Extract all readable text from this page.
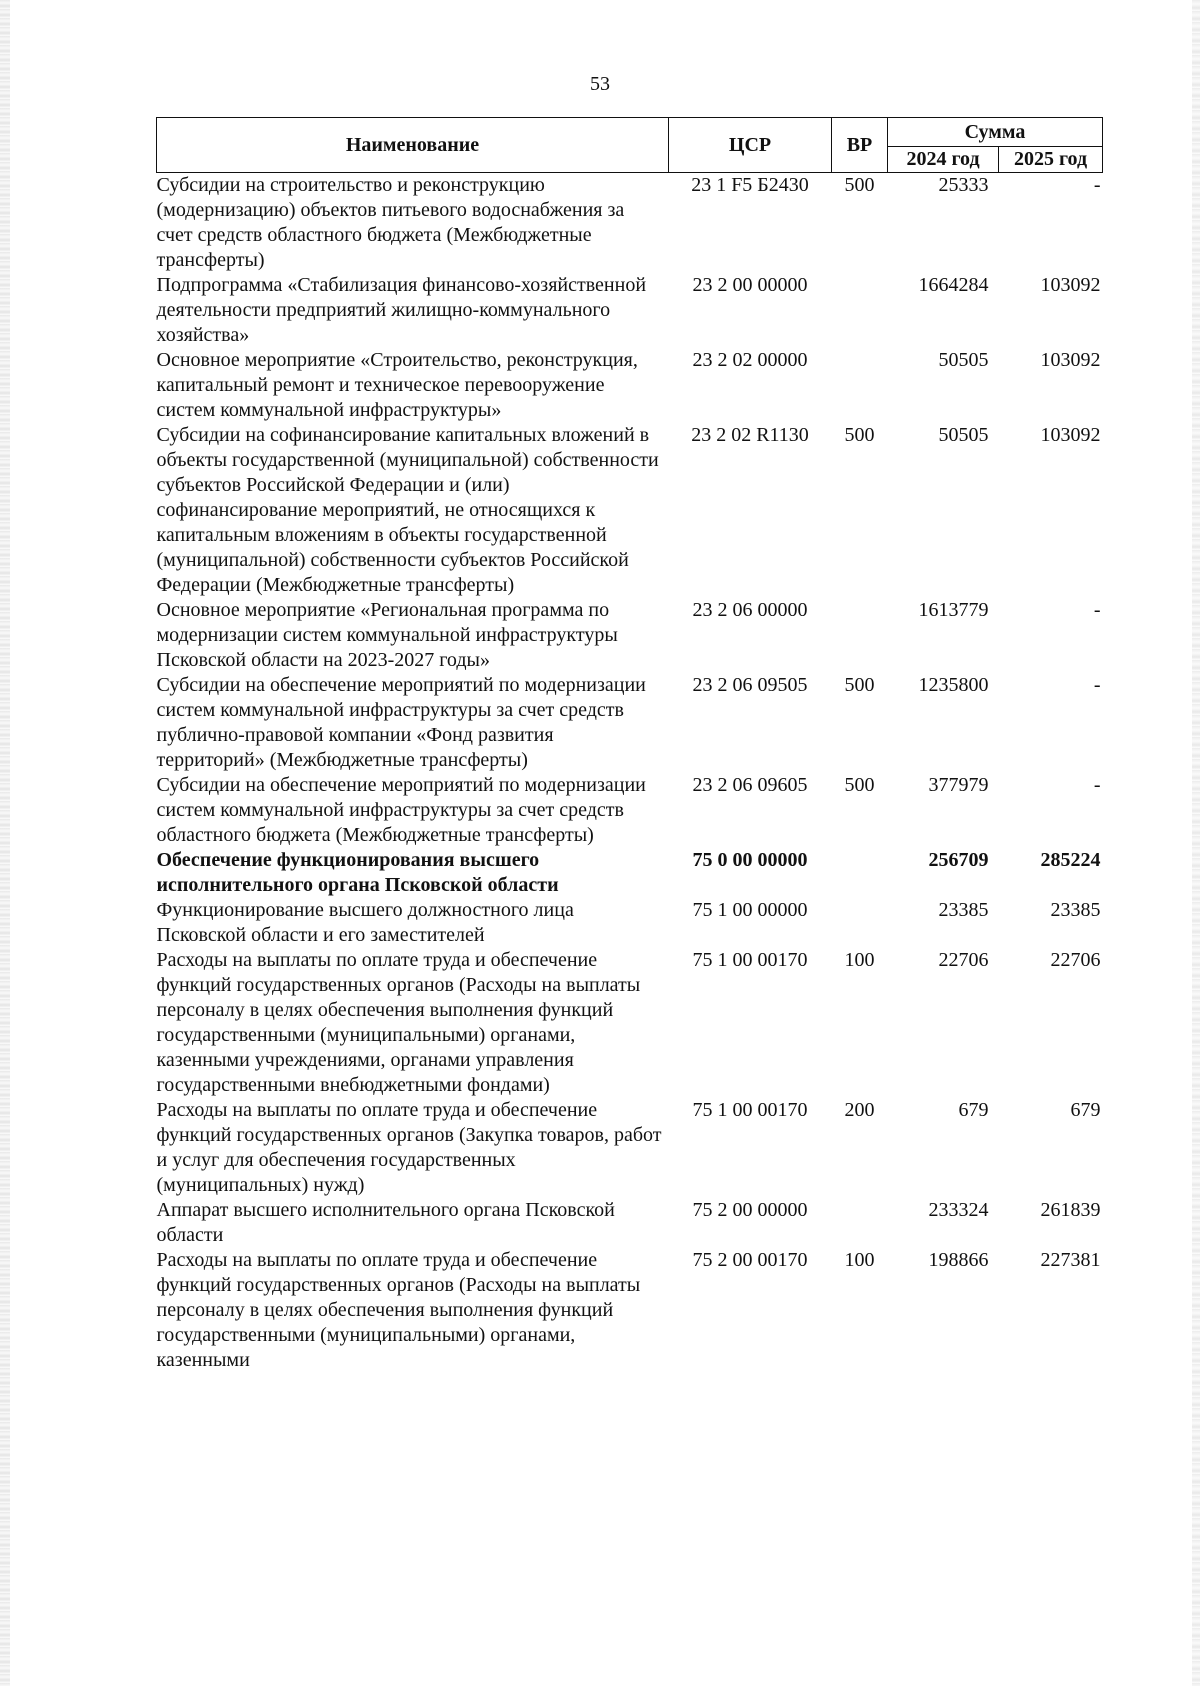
53
Наименование	ЦСР	ВР	Сумма	
			2024 год	2025 год
Субсидии на строительство и реконструкцию (модернизацию) объектов питьевого водоснабжения за счет средств областного бюджета (Межбюджетные трансферты)	23 1 F5 Б2430	500	25333	-
Подпрограмма «Стабилизация финансово-хозяйственной деятельности предприятий жилищно-коммунального хозяйства»	23 2 00 00000		1664284	103092
Основное мероприятие «Строительство, реконструкция, капитальный ремонт и техническое перевооружение систем коммунальной инфраструктуры»	23 2 02 00000		50505	103092
Субсидии на софинансирование капитальных вложений в объекты государственной (муниципальной) собственности субъектов Российской Федерации и (или) софинансирование мероприятий, не относящихся к капитальным вложениям в объекты государственной (муниципальной) собственности субъектов Российской Федерации (Межбюджетные трансферты)	23 2 02 R1130	500	50505	103092
Основное мероприятие «Региональная программа по модернизации систем коммунальной инфраструктуры Псковской области на 2023-2027 годы»	23 2 06 00000		1613779	-
Субсидии на обеспечение мероприятий по модернизации систем коммунальной инфраструктуры за счет средств публично-правовой компании «Фонд развития территорий» (Межбюджетные трансферты)	23 2 06 09505	500	1235800	-
Субсидии на обеспечение мероприятий по модернизации систем коммунальной инфраструктуры за счет средств областного бюджета (Межбюджетные трансферты)	23 2 06 09605	500	377979	-
Обеспечение функционирования высшего исполнительного органа Псковской области	75 0 00 00000		256709	285224
Функционирование высшего должностного лица Псковской области и его заместителей	75 1 00 00000		23385	23385
Расходы на выплаты по оплате труда и обеспечение функций государственных органов (Расходы на выплаты персоналу в целях обеспечения выполнения функций государственными (муниципальными) органами, казенными учреждениями, органами управления государственными внебюджетными фондами)	75 1 00 00170	100	22706	22706
Расходы на выплаты по оплате труда и обеспечение функций государственных органов (Закупка товаров, работ и услуг для обеспечения государственных (муниципальных) нужд)	75 1 00 00170	200	679	679
Аппарат высшего исполнительного органа Псковской области	75 2 00 00000		233324	261839
Расходы на выплаты по оплате труда и обеспечение функций государственных органов (Расходы на выплаты персоналу в целях обеспечения выполнения функций государственными (муниципальными) органами, казенными	75 2 00 00170	100	198866	227381
